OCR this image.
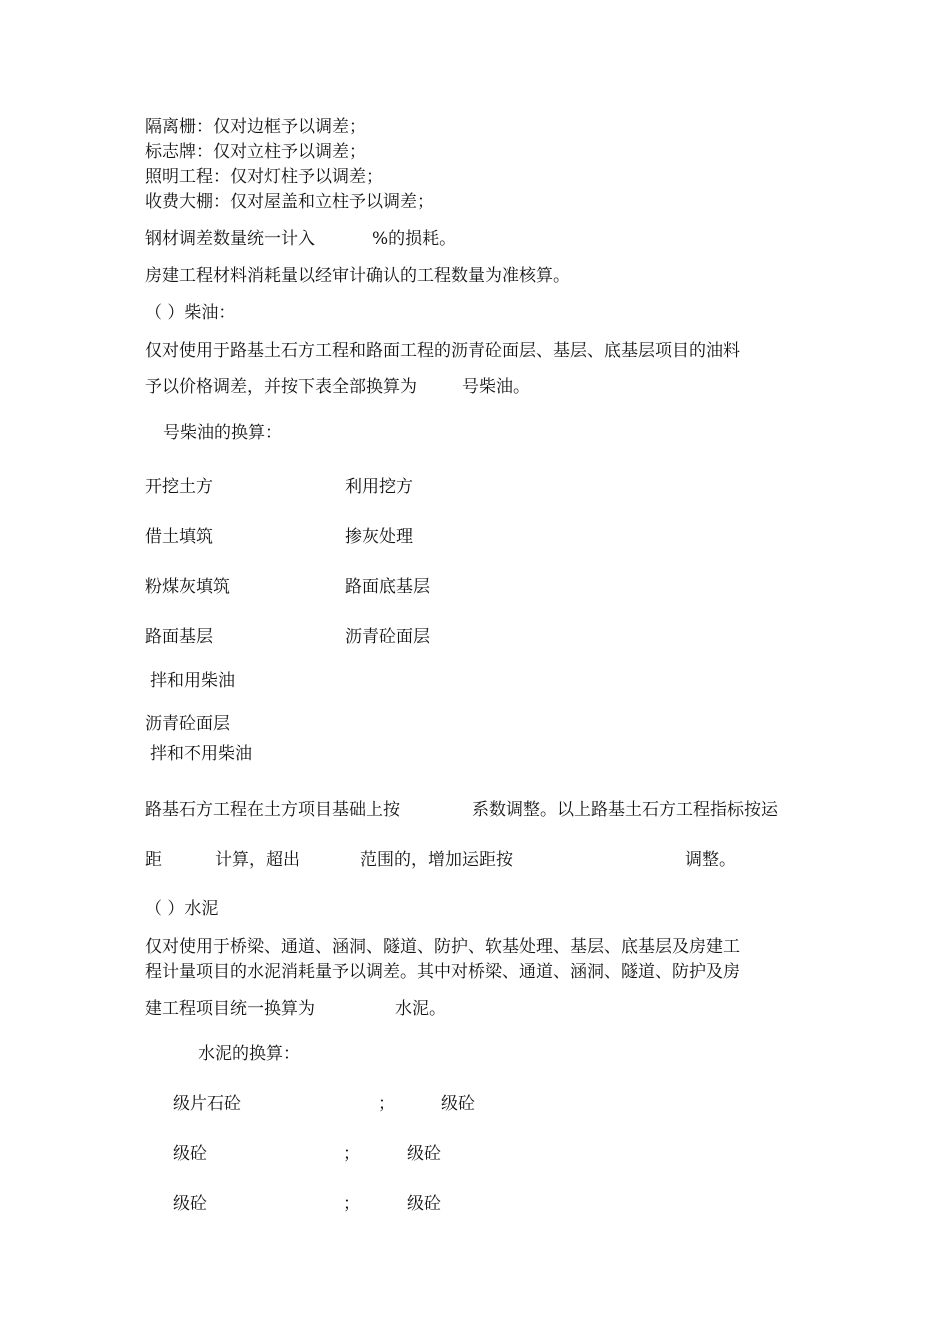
隔离栅：仅对边框予以调差；
标志牌：仅对立柱予以调差；
照明工程：仅对灯柱予以调差；
收费大棚：仅对屋盖和立柱予以调差；
钢材调差数量统一计入	%的损耗。
房建工程材料消耗量以经审计确认的工程数量为准核算。
（ ）柴油：
仅对使用于路基土石方工程和路面工程的沥青砼面层、基层、底基层项目的油料
予以价格调差，并按下表全部换算为	号柴油。
号柴油的换算：
开挖土方	利用挖方
借土填筑	掺灰处理
粉煤灰填筑	路面底基层
路面基层	沥青砼面层
拌和用柴油
沥青砼面层
拌和不用柴油
路基石方工程在土方项目基础上按	系数调整。以上路基土石方工程指标按运
距	计算，超出	范围的，增加运距按	调整。
（ ）水泥
仅对使用于桥梁、通道、涵洞、隧道、防护、软基处理、基层、底基层及房建工
程计量项目的水泥消耗量予以调差。其中对桥梁、通道、涵洞、隧道、防护及房
建工程项目统一换算为	水泥。
水泥的换算：
级片石砼	；	级砼
级砼	；	级砼
级砼	；	级砼
